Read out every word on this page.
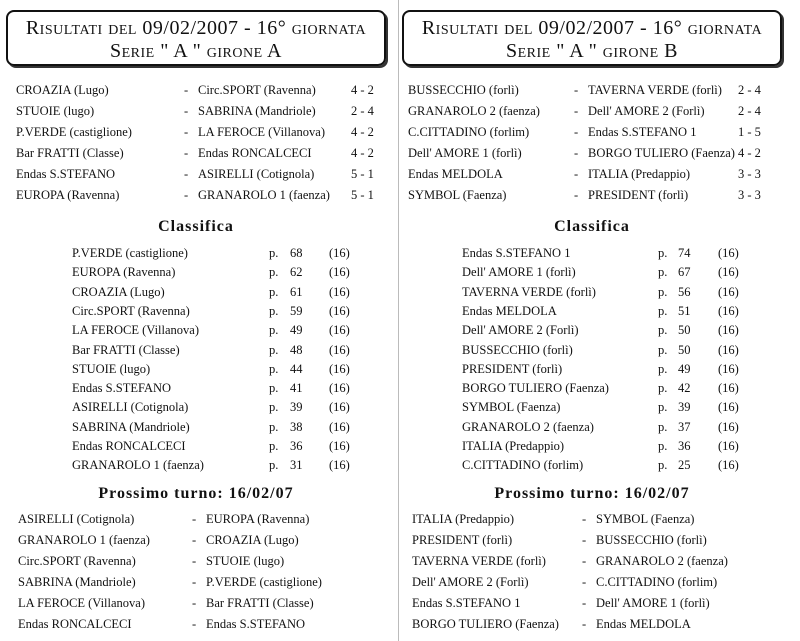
Risultati del 09/02/2007 - 16° giornata
Serie " A " girone A
CROAZIA (Lugo)	- Circ.SPORT (Ravenna)	4 - 2
STUOIE (lugo)	- SABRINA (Mandriole)	2 - 4
P.VERDE (castiglione)	- LA FEROCE (Villanova) 4 - 2
Bar FRATTI (Classe)	- Endas RONCALCECI	4 - 2
Endas S.STEFANO	- ASIRELLI (Cotignola)	5 - 1
EUROPA (Ravenna)	- GRANAROLO 1 (faenza) 5 - 1
Classifica
P.VERDE (castiglione)	p. 68 (16)
EUROPA (Ravenna)	p. 62 (16)
CROAZIA (Lugo)	p. 61 (16)
Circ.SPORT (Ravenna)	p. 59 (16)
LA FEROCE (Villanova)	p. 49 (16)
Bar FRATTI (Classe)	p. 48 (16)
STUOIE (lugo)	p. 44 (16)
Endas S.STEFANO	p. 41 (16)
ASIRELLI (Cotignola)	p. 39 (16)
SABRINA (Mandriole)	p. 38 (16)
Endas RONCALCECI	p. 36 (16)
GRANAROLO 1 (faenza)	p. 31 (16)
Prossimo turno: 16/02/07
ASIRELLI (Cotignola)	- EUROPA (Ravenna)
GRANAROLO 1 (faenza)	- CROAZIA (Lugo)
Circ.SPORT (Ravenna)	- STUOIE (lugo)
SABRINA (Mandriole)	- P.VERDE (castiglione)
LA FEROCE (Villanova)	- Bar FRATTI (Classe)
Endas RONCALCECI	- Endas S.STEFANO
Risultati del 09/02/2007 - 16° giornata
Serie " A " girone B
BUSSECCHIO (forlì)	- TAVERNA VERDE (forlì) 2 - 4
GRANAROLO 2 (faenza)	- Dell' AMORE 2 (Forlì)	2 - 4
C.CITTADINO (forlim)	- Endas S.STEFANO 1	1 - 5
Dell' AMORE 1 (forlì)	- BORGO TULIERO (Faenza) 4 - 2
Endas MELDOLA	- ITALIA (Predappio)	3 - 3
SYMBOL (Faenza)	- PRESIDENT (forlì)	3 - 3
Classifica
Endas S.STEFANO 1	p. 74 (16)
Dell' AMORE 1 (forlì)	p. 67 (16)
TAVERNA VERDE (forlì)	p. 56 (16)
Endas MELDOLA	p. 51 (16)
Dell' AMORE 2 (Forlì)	p. 50 (16)
BUSSECCHIO (forlì)	p. 50 (16)
PRESIDENT (forlì)	p. 49 (16)
BORGO TULIERO (Faenza)	p. 42 (16)
SYMBOL (Faenza)	p. 39 (16)
GRANAROLO 2 (faenza)	p. 37 (16)
ITALIA (Predappio)	p. 36 (16)
C.CITTADINO (forlim)	p. 25 (16)
Prossimo turno: 16/02/07
ITALIA (Predappio)	- SYMBOL (Faenza)
PRESIDENT (forlì)	- BUSSECCHIO (forlì)
TAVERNA VERDE (forlì)	- GRANAROLO 2 (faenza)
Dell' AMORE 2 (Forlì)	- C.CITTADINO (forlim)
Endas S.STEFANO 1	- Dell' AMORE 1 (forlì)
BORGO TULIERO (Faenza) - Endas MELDOLA
